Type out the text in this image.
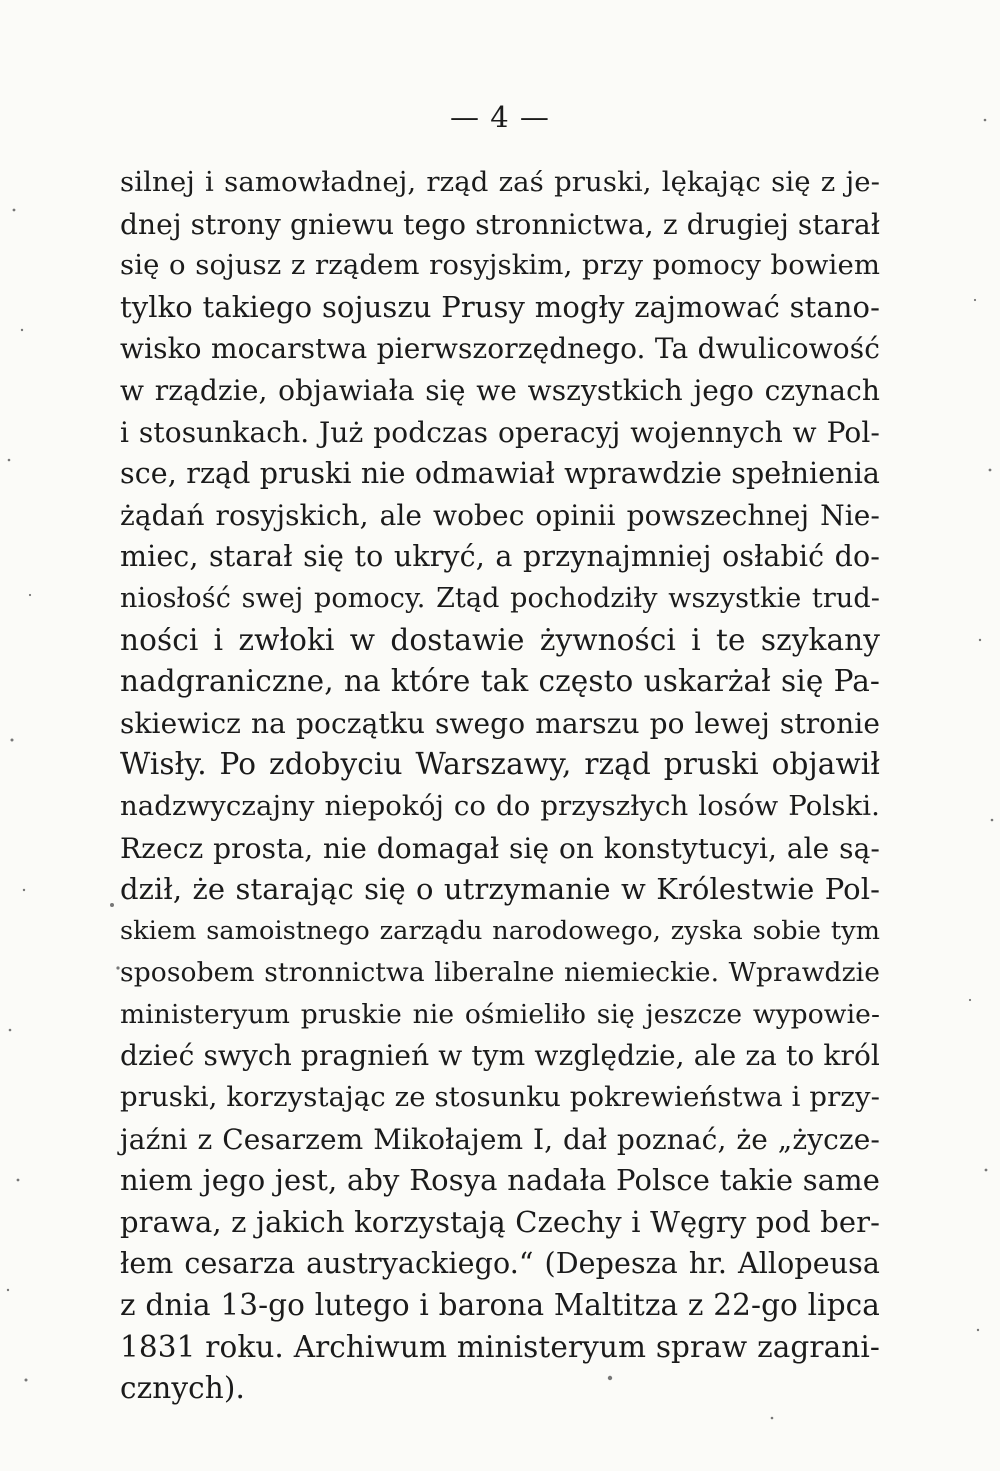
— 4 —
silnej i samowładnej, rząd zaś pruski, lękając się z je-
dnej strony gniewu tego stronnictwa, z drugiej starał
się o sojusz z rządem rosyjskim, przy pomocy bowiem
tylko takiego sojuszu Prusy mogły zajmować stano-
wisko mocarstwa pierwszorzędnego. Ta dwulicowość
w rządzie, objawiała się we wszystkich jego czynach
i stosunkach. Już podczas operacyj wojennych w Pol-
sce, rząd pruski nie odmawiał wprawdzie spełnienia
żądań rosyjskich, ale wobec opinii powszechnej Nie-
miec, starał się to ukryć, a przynajmniej osłabić do-
niosłość swej pomocy. Ztąd pochodziły wszystkie trud-
ności i zwłoki w dostawie żywności i te szykany
nadgraniczne, na które tak często uskarżał się Pa-
skiewicz na początku swego marszu po lewej stronie
Wisły. Po zdobyciu Warszawy, rząd pruski objawił
nadzwyczajny niepokój co do przyszłych losów Polski.
Rzecz prosta, nie domagał się on konstytucyi, ale są-
dził, że starając się o utrzymanie w Królestwie Pol-
skiem samoistnego zarządu narodowego, zyska sobie tym
sposobem stronnictwa liberalne niemieckie. Wprawdzie
ministeryum pruskie nie ośmieliło się jeszcze wypowie-
dzieć swych pragnień w tym względzie, ale za to król
pruski, korzystając ze stosunku pokrewieństwa i przy-
jaźni z Cesarzem Mikołajem I, dał poznać, że „życze-
niem jego jest, aby Rosya nadała Polsce takie same
prawa, z jakich korzystają Czechy i Węgry pod ber-
łem cesarza austryackiego.“ (Depesza hr. Allopeusa
z dnia 13-go lutego i barona Maltitza z 22-go lipca
1831 roku. Archiwum ministeryum spraw zagrani-
cznych).
